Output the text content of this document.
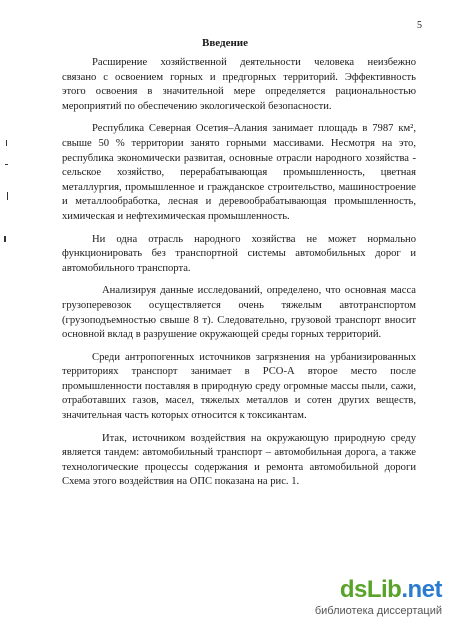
5
Введение

Расширение хозяйственной деятельности человека неизбежно
связано с освоением горных и предгорных территорий. Эффективность
этого освоения в значительной мере определяется рациональностью
мероприятий по обеспечению экологической безопасности.

Республика Северная Осетия–Алания занимает площадь в 7987 км²,
свыше 50 % территории занято горными массивами. Несмотря на это,
республика экономически развитая, основные отрасли народного хозяйства -
сельское хозяйство, перерабатывающая промышленность, цветная
металлургия, промышленное и гражданское строительство, машиностроение
и металлообработка, лесная и деревообрабатывающая промышленность,
химическая и нефтехимическая промышленность.

Ни одна отрасль народного хозяйства не может нормально
функционировать без транспортной системы автомобильных дорог и
автомобильного транспорта.

Анализируя данные исследований, определено, что основная масса
грузоперевозок осуществляется очень тяжелым автотранспортом
(грузоподъемностью свыше 8 т). Следовательно, грузовой транспорт вносит
основной вклад в разрушение окружающей среды горных территорий.

Среди антропогенных источников загрязнения на урбанизированных
территориях транспорт занимает в РСО-А второе место после
промышленности поставляя в природную среду огромные массы пыли, сажи,
отработавших газов, масел, тяжелых металлов и сотен других веществ,
значительная часть которых относится к токсикантам.

Итак, источником воздействия на окружающую природную среду
является тандем: автомобильный транспорт – автомобильная дорога, а также
технологические процессы содержания и ремонта автомобильной дороги
Схема этого воздействия на ОПС показана на рис. 1.

dsLib.net
библиотека диссертаций
